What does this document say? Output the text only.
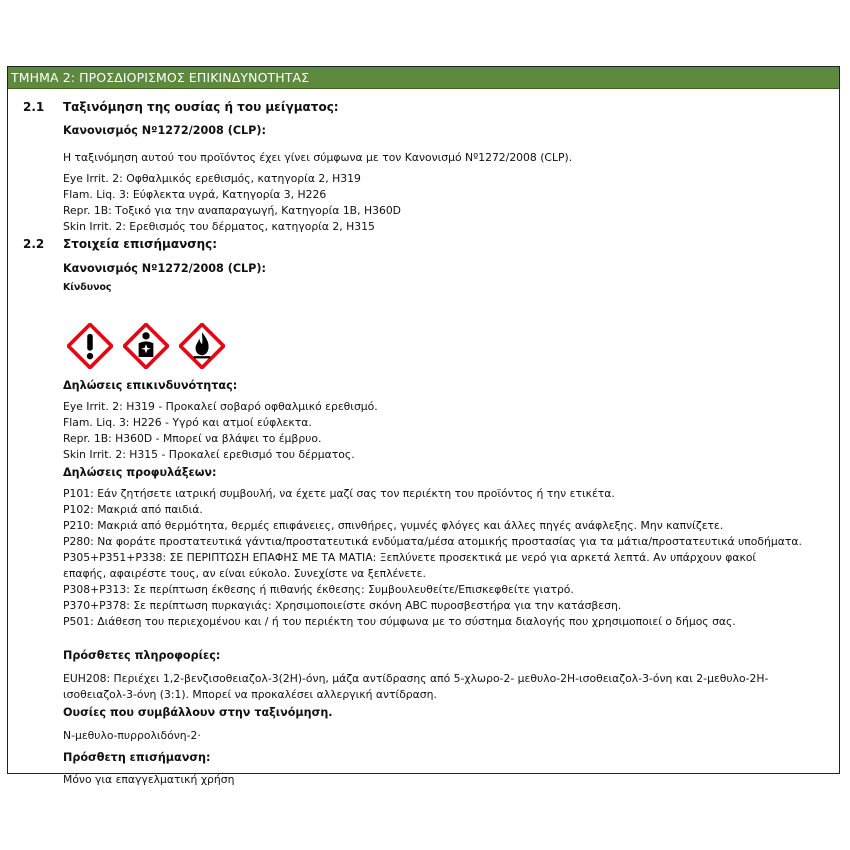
ΤΜΗΜΑ 2: ΠΡΟΣΔΙΟΡΙΣΜΟΣ ΕΠΙΚΙΝΔΥΝΟΤΗΤΑΣ
2.1 Ταξινόμηση της ουσίας ή του μείγματος:
Κανονισμός Nº1272/2008 (CLP):
Η ταξινόμηση αυτού του προϊόντος έχει γίνει σύμφωνα με τον Κανονισμό Nº1272/2008 (CLP).
Eye Irrit. 2: Οφθαλμικός ερεθισμός, κατηγορία 2, H319
Flam. Liq. 3: Εύφλεκτα υγρά, Κατηγορία 3, H226
Repr. 1B: Τοξικό για την αναπαραγωγή, Κατηγορία 1B, H360D
Skin Irrit. 2: Ερεθισμός του δέρματος, κατηγορία 2, H315
2.2 Στοιχεία επισήμανσης:
Κανονισμός Nº1272/2008 (CLP):
Κίνδυνος
Δηλώσεις επικινδυνότητας:
Eye Irrit. 2: H319 - Προκαλεί σοβαρό οφθαλμικό ερεθισμό.
Flam. Liq. 3: H226 - Υγρό και ατμοί εύφλεκτα.
Repr. 1B: H360D - Μπορεί να βλάψει το έμβρυο.
Skin Irrit. 2: H315 - Προκαλεί ερεθισμό του δέρματος.
Δηλώσεις προφυλάξεων:
P101: Εάν ζητήσετε ιατρική συμβουλή, να έχετε μαζί σας τον περιέκτη του προϊόντος ή την ετικέτα.
P102: Μακριά από παιδιά.
P210: Μακριά από θερμότητα, θερμές επιφάνειες, σπινθήρες, γυμνές φλόγες και άλλες πηγές ανάφλεξης. Μην καπνίζετε.
P280: Να φοράτε προστατευτικά γάντια/προστατευτικά ενδύματα/μέσα ατομικής προστασίας για τα μάτια/προστατευτικά υποδήματα.
P305+P351+P338: ΣΕ ΠΕΡΙΠΤΩΣΗ ΕΠΑΦΗΣ ΜΕ ΤΑ ΜΑΤΙΑ: Ξεπλύνετε προσεκτικά με νερό για αρκετά λεπτά. Αν υπάρχουν φακοί
επαφής, αφαιρέστε τους, αν είναι εύκολο. Συνεχίστε να ξεπλένετε.
P308+P313: Σε περίπτωση έκθεσης ή πιθανής έκθεσης: Συμβουλευθείτε/Επισκεφθείτε γιατρό.
P370+P378: Σε περίπτωση πυρκαγιάς: Χρησιμοποιείστε σκόνη ABC πυροσβεστήρα για την κατάσβεση.
P501: Διάθεση του περιεχομένου και / ή του περιέκτη του σύμφωνα με το σύστημα διαλογής που χρησιμοποιεί ο δήμος σας.
Πρόσθετες πληροφορίες:
EUH208: Περιέχει 1,2-βενζισοθειαζολ-3(2H)-όνη, μάζα αντίδρασης από 5-χλωρο-2- μεθυλο-2Η-ισοθειαζολ-3-όνη και 2-μεθυλο-2Η-
ισοθειαζολ-3-όνη (3:1). Μπορεί να προκαλέσει αλλεργική αντίδραση.
Ουσίες που συμβάλλουν στην ταξινόμηση.
N-μεθυλο-πυρρολιδόνη-2·
Πρόσθετη επισήμανση:
Μόνο για επαγγελματική χρήση
